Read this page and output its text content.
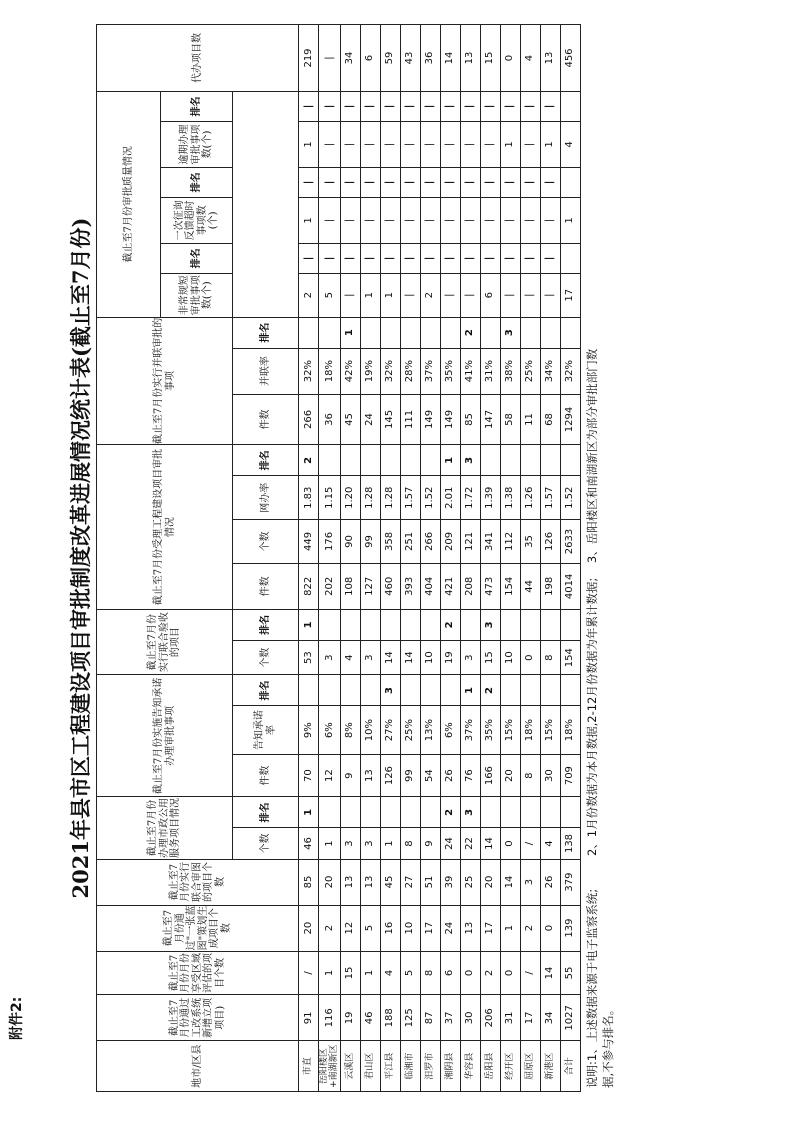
附件2:
2021年县市区工程建设项目审批制度改革进展情况统计表(截止至7月份)
地市/区县	截止至7月份通过工改系统新增立项项目)	截止至7月份月份享受区域评估的项目个数	截止至7月份通过"一张蓝图"策划生成项目个数	截止至7月份实行联合审图的项目个数	截止至7月份办理市政公用服务项目情况		截止至7月份实施告知承诺办理审批事项			截止至7月份实行联合验收的项目		截止至7月份受理工程建设项目审批情况				截止至7月份实行并联审批的事项			截止至7月份审批质量情况						代办项目数
																			非常规短审批事项数(个)	排名	一次征询反馈超时事项数(个)	排名	逾期办理审批事项数(个)	排名	
					个数	排名	件数	告知承诺率	排名	个数	排名	件数	个数	网办率	排名	件数	并联率	排名							
市直	91	/	20	85	46	1	70	9%		53	1	822	449	1.83	2	266	32%		2	|	1	|	1	|	219
岳阳楼区+南湖新区	116	1	2	20	1		12	6%		3		202	176	1.15		36	18%		5	|	|	|	|	|	|
云溪区	19	15	12	13	3		9	8%		4		108	90	1.20		45	42%	1	|	|	|	|	|	|	34
君山区	46	1	5	13	3		13	10%		3		127	99	1.28		24	19%		1	|	|	|	|	|	6
平江县	188	4	16	45	1		126	27%	3	14		460	358	1.28		145	32%		1	|	|	|	|	|	59
临湘市	125	5	10	27	8		99	25%		14		393	251	1.57		111	28%		|	|	|	|	|	|	43
汨罗市	87	8	17	51	9		54	13%		10		404	266	1.52		149	37%		2	|	|	|	|	|	36
湘阴县	37	6	24	39	24	2	26	6%		19	2	421	209	2.01	1	149	35%		|	|	|	|	|	|	14
华容县	30	0	13	25	22	3	76	37%	1	3		208	121	1.72	3	85	41%	2	|	|	|	|	|	|	13
岳阳县	206	2	17	20	14		166	35%	2	15	3	473	341	1.39		147	31%		6	|	|	|	|	|	15
经开区	31	0	1	14	0		20	15%		10		154	112	1.38		58	38%	3	|	|	|	|	1	|	0
屈原区	17	/	2	3	/		8	18%		0		44	35	1.26		11	25%		|	|	|	|	|	|	4
新港区	34	14	0	26	4		30	15%		8		198	126	1.57		68	34%		|	|	|	|	1	|	13
合计	1027	55	139	379	138		709	18%		154		4014	2633	1.52		1294	32%		17		1		4		456
说明:1、上述数据来源于电子监察系统;         2、1月份数据为本月数据,2-12月份数据为年累计数据;    3、岳阳楼区和南湖新区为部分审批部门数
据,不参与排名。
